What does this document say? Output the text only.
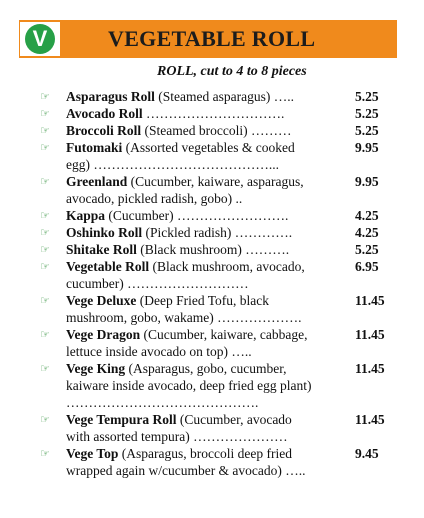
V	VEGETABLE ROLL
ROLL, cut to 4 to 8 pieces
☞ Asparagus Roll (Steamed asparagus) …..	5.25
☞ Avocado Roll ………………………….	5.25
☞ Broccoli Roll (Steamed broccoli) ………	5.25
☞ Futomaki (Assorted vegetables & cooked
egg) …………………………………...
9.95
☞ Greenland (Cucumber, kaiware, asparagus,
avocado, pickled radish, gobo) ..
9.95
☞ Kappa (Cucumber) …………………….	4.25
☞ Oshinko Roll (Pickled radish) ………….	4.25
☞ Shitake Roll (Black mushroom) ……….	5.25
☞ Vegetable Roll (Black mushroom, avocado,
cucumber) ………………………
6.95
☞ Vege Deluxe (Deep Fried Tofu, black
mushroom, gobo, wakame) ……………….
11.45
☞ Vege Dragon (Cucumber, kaiware, cabbage,
lettuce inside avocado on top) …..
11.45
☞ Vege King (Asparagus, gobo, cucumber,
kaiware inside avocado, deep fried egg plant)
…………………………………….
11.45
☞ Vege Tempura Roll (Cucumber, avocado
with assorted tempura) …………………
11.45
☞ Vege Top (Asparagus, broccoli deep fried
wrapped again w/cucumber & avocado) …..
9.45
